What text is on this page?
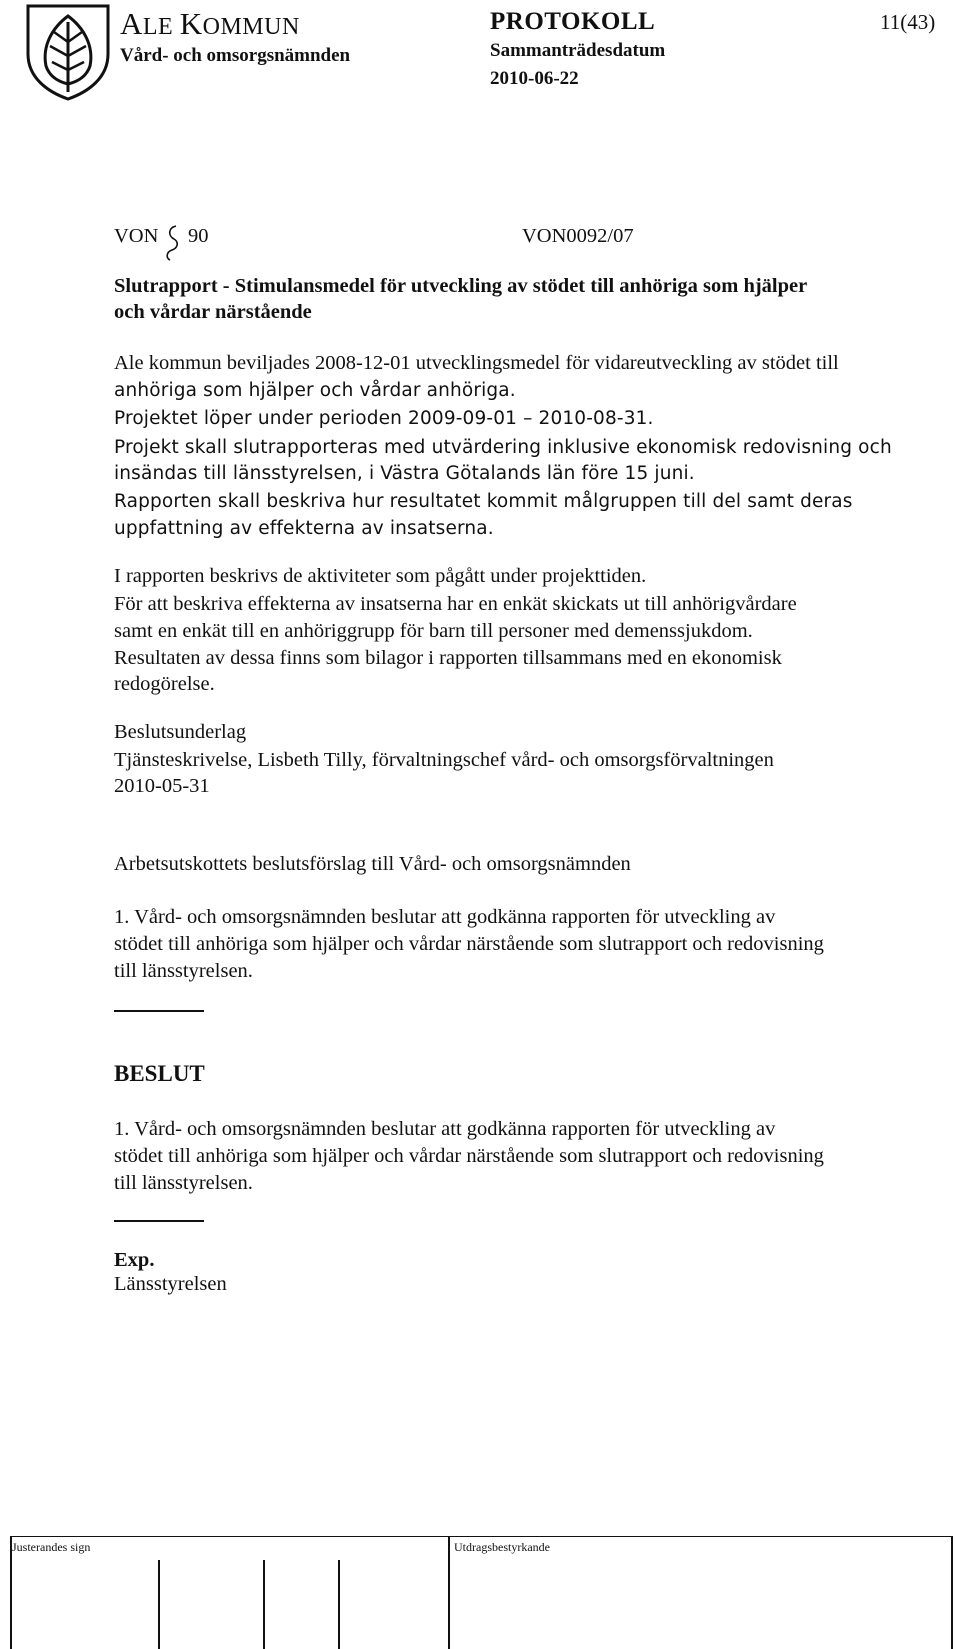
ALE KOMMUN
Vård- och omsorgsnämnden
PROTOKOLL
Sammanträdesdatum
2010-06-22
11(43)
VON 90	VON0092/07
Slutrapport - Stimulansmedel för utveckling av stödet till anhöriga som hjälper
och vårdar närstående
Ale kommun beviljades 2008-12-01 utvecklingsmedel för vidareutveckling av stödet till
anhöriga som hjälper och vårdar anhöriga.
Projektet löper under perioden 2009-09-01 – 2010-08-31.
Projekt skall slutrapporteras med utvärdering inklusive ekonomisk redovisning och
insändas till länsstyrelsen, i Västra Götalands län före 15 juni.
Rapporten skall beskriva hur resultatet kommit målgruppen till del samt deras
uppfattning av effekterna av insatserna.
I rapporten beskrivs de aktiviteter som pågått under projekttiden.
För att beskriva effekterna av insatserna har en enkät skickats ut till anhörigvårdare
samt en enkät till en anhöriggrupp för barn till personer med demenssjukdom.
Resultaten av dessa finns som bilagor i rapporten tillsammans med en ekonomisk
redogörelse.
Beslutsunderlag
Tjänsteskrivelse, Lisbeth Tilly, förvaltningschef vård- och omsorgsförvaltningen
2010-05-31
Arbetsutskottets beslutsförslag till Vård- och omsorgsnämnden
1. Vård- och omsorgsnämnden beslutar att godkänna rapporten för utveckling av
stödet till anhöriga som hjälper och vårdar närstående som slutrapport och redovisning
till länsstyrelsen.
BESLUT
1. Vård- och omsorgsnämnden beslutar att godkänna rapporten för utveckling av
stödet till anhöriga som hjälper och vårdar närstående som slutrapport och redovisning
till länsstyrelsen.
Exp.
Länsstyrelsen
Justerandes sign	Utdragsbestyrkande
